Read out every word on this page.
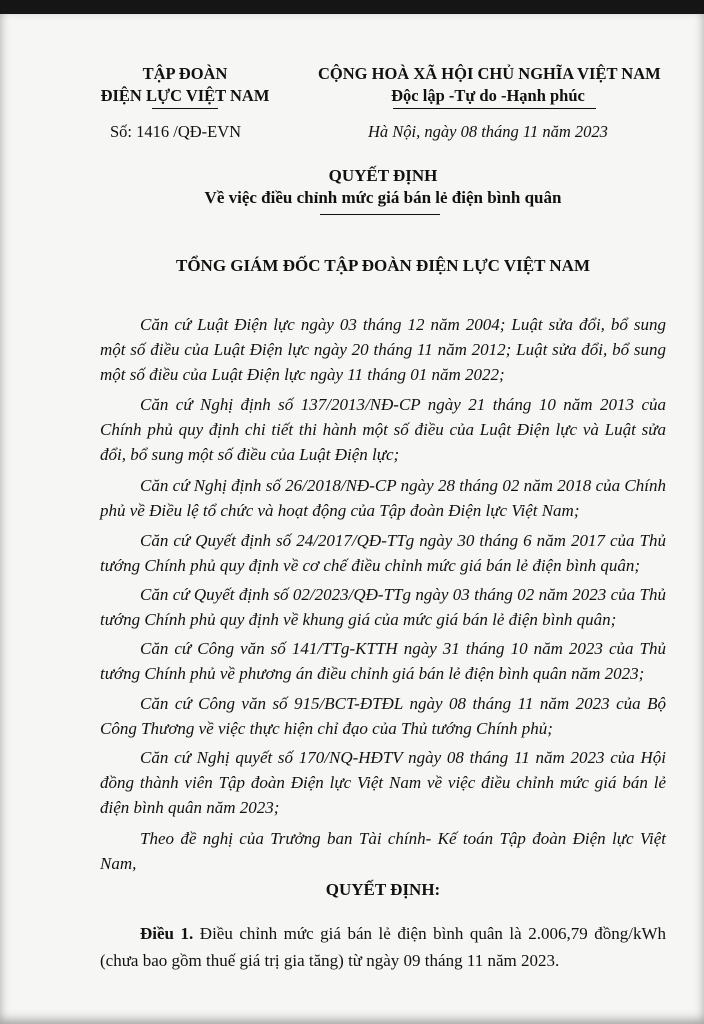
TẬP ĐOÀN
ĐIỆN LỰC VIỆT NAM
Số: 1416 /QĐ-EVN
CỘNG HOÀ XÃ HỘI CHỦ NGHĨA VIỆT NAM
Độc lập -Tự do -Hạnh phúc
Hà Nội, ngày 08 tháng 11 năm 2023
QUYẾT ĐỊNH
Về việc điều chỉnh mức giá bán lẻ điện bình quân
TỔNG GIÁM ĐỐC TẬP ĐOÀN ĐIỆN LỰC VIỆT NAM
Căn cứ Luật Điện lực ngày 03 tháng 12 năm 2004; Luật sửa đổi, bổ sung một số điều của Luật Điện lực ngày 20 tháng 11 năm 2012; Luật sửa đổi, bổ sung một số điều của Luật Điện lực ngày 11 tháng 01 năm 2022;
Căn cứ Nghị định số 137/2013/NĐ-CP ngày 21 tháng 10 năm 2013 của Chính phủ quy định chi tiết thi hành một số điều của Luật Điện lực và Luật sửa đổi, bổ sung một số điều của Luật Điện lực;
Căn cứ Nghị định số 26/2018/NĐ-CP ngày 28 tháng 02 năm 2018 của Chính phủ về Điều lệ tổ chức và hoạt động của Tập đoàn Điện lực Việt Nam;
Căn cứ Quyết định số 24/2017/QĐ-TTg ngày 30 tháng 6 năm 2017 của Thủ tướng Chính phủ quy định về cơ chế điều chỉnh mức giá bán lẻ điện bình quân;
Căn cứ Quyết định số 02/2023/QĐ-TTg ngày 03 tháng 02 năm 2023 của Thủ tướng Chính phủ quy định về khung giá của mức giá bán lẻ điện bình quân;
Căn cứ Công văn số 141/TTg-KTTH ngày 31 tháng 10 năm 2023 của Thủ tướng Chính phủ về phương án điều chỉnh giá bán lẻ điện bình quân năm 2023;
Căn cứ Công văn số 915/BCT-ĐTĐL ngày 08 tháng 11 năm 2023 của Bộ Công Thương về việc thực hiện chỉ đạo của Thủ tướng Chính phủ;
Căn cứ Nghị quyết số 170/NQ-HĐTV ngày 08 tháng 11 năm 2023 của Hội đồng thành viên Tập đoàn Điện lực Việt Nam về việc điều chỉnh mức giá bán lẻ điện bình quân năm 2023;
Theo đề nghị của Trưởng ban Tài chính- Kế toán Tập đoàn Điện lực Việt Nam,
QUYẾT ĐỊNH:
Điều 1. Điều chỉnh mức giá bán lẻ điện bình quân là 2.006,79 đồng/kWh (chưa bao gồm thuế giá trị gia tăng) từ ngày 09 tháng 11 năm 2023.
